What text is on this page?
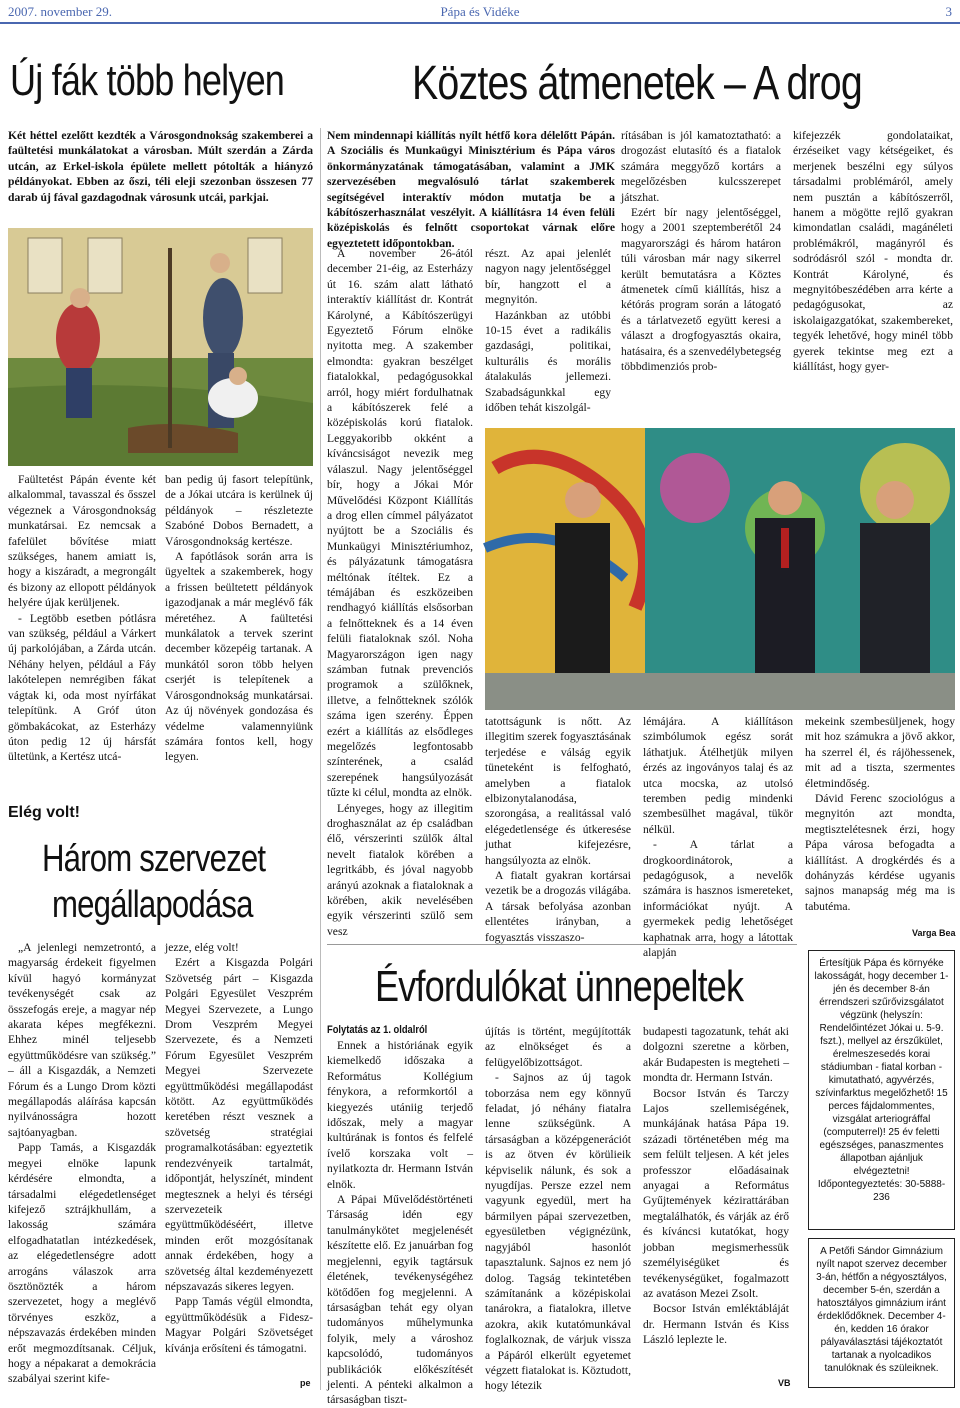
2007. november 29.	Pápa és Vidéke	3
Új fák több helyen
Két héttel ezelőtt kezdték a Városgondnokság szakemberei a faültetési munkálatokat a városban. Múlt szerdán a Zárda utcán, az Erkel-iskola épülete mellett pótolták a hiányzó példányokat. Ebben az őszi, téli eleji szezonban összesen 77 darab új fával gazdagodnak városunk utcái, parkjai.

Faültetést Pápán évente két alkalommal, tavasszal és ősszel végeznek a Városgondnokság munkatársai. Ez nemcsak a fafelület bővítése miatt szükséges, hanem amiatt is, hogy a kiszáradt, a megrongált és bizony az ellopott példányok helyére újak kerüljenek.

- Legtöbb esetben pótlásra van szükség, például a Várkert új parkolójában, a Zárda utcán. Néhány helyen, például a Fáy lakótelepen nemrégiben fákat vágtak ki, oda most nyírfákat telepítünk. A Gróf úton gömbakácokat, az Esterházy úton pedig 12 új hársfát ültetünk, a Kertész utcá-

ban pedig új fasort telepítünk, de a Jókai utcára is kerülnek új példányok – részletezte Szabóné Dobos Bernadett, a Városgondnokság kertésze.

A fapótlások során arra is ügyeltek a szakemberek, hogy a frissen beültetett példányok igazodjanak a már meglévő fák méretéhez. A faültetési munkálatok a tervek szerint december közepéig tartanak. A munkától soron több helyen cserjét is telepítenek a Városgondnokság munkatársai. Az új növények gondozása és védelme valamennyiünk számára fontos kell, hogy legyen.

Elég volt!
Három szervezet
megállapodása

„A jelenlegi nemzetrontó, a magyarság érdekeit figyelmen kívül hagyó kormányzat tevékenységét csak az összefogás ereje, a magyar nép akarata képes megfékezni. Ehhez minél teljesebb együttműködésre van szükség.” – áll a Kisgazdák, a Nemzeti Fórum és a Lungo Drom közti megállapodás aláírása kapcsán nyilvánosságra hozott sajtóanyagban.

Papp Tamás, a Kisgazdák megyei elnöke lapunk kérdésére elmondta, a társadalmi elégedetlenséget kifejező sztrájkhullám, a lakosság számára elfogadhatatlan intézkedések, az elégedetlenségre adott arrogáns válaszok arra ösztönözték a három szervezetet, hogy a meglévő törvényes eszköz, a népszavazás érdekében minden erőt megmozdítsanak. Céljuk, hogy a népakarat a demokrácia szabályai szerint kife-

jezze, elég volt!

Ezért a Kisgazda Polgári Szövetség párt – Kisgazda Polgári Egyesület Veszprém Megyei Szervezete, a Lungo Drom Veszprém Megyei Szervezete, és a Nemzeti Fórum Egyesület Veszprém Megyei Szervezete együttműködési megállapodást kötött. Az együttműködés keretében részt vesznek a szövetség stratégiai programalkotásában: egyeztetik rendezvényeik tartalmát, időpontját, helyszínét, mindent megtesznek a helyi és térségi szervezeteik együttműködéséért, illetve minden erőt mozgósítanak annak érdekében, hogy a szövetség által kezdeményezett népszavazás sikeres legyen.

Papp Tamás végül elmondta, együttműködésük a Fidesz- Magyar Polgári Szövetséget kívánja erősíteni és támogatni.

pe
Köztes átmenetek – A drog
Nem mindennapi kiállítás nyílt hétfő kora délelőtt Pápán. A Szociális és Munkaügyi Minisztérium és Pápa város önkormányzatának támogatásában, valamint a JMK szervezésében megvalósuló tárlat szakemberek segítségével interaktív módon mutatja be a kábítószerhasználat veszélyit. A kiállításra 14 éven felüli középiskolás és felnőtt csoportokat várnak előre egyeztetett időpontokban.

A november 26-ától december 21-éig, az Esterházy út 16. szám alatt látható interaktív kiállítást dr. Kontrát Károlyné, a Kábítószerügyi Egyeztető Fórum elnöke nyitotta meg. A szakember elmondta: gyakran beszélget fiatalokkal, pedagógusokkal arról, hogy miért fordulhatnak a kábítószerek felé a középiskolás korú fiatalok. Leggyakoribb okként a kíváncsiságot nevezik meg válaszul. Nagy jelentőséggel bír, hogy a Jókai Mór Művelődési Központ Kiállítás a drog ellen címmel pályázatot nyújtott be a Szociális és Munkaügyi Minisztériumhoz, és pályázatunk támogatásra méltónak ítéltek. Ez a témájában és eszközeiben rendhagyó kiállítás elsősorban a felnőtteknek és a 14 éven felüli fiataloknak szól. Noha Magyarországon igen nagy számban futnak prevenciós programok a szülőknek, illetve, a felnőtteknek szólók száma igen szerény. Éppen ezért a kiállítás az elsődleges megelőzés legfontosabb színterének, a család szerepének hangsúlyozását tűzte ki célul, mondta az elnök.

Lényeges, hogy az illegitim droghasználat az ép családban élő, vérszerinti szülők által nevelt fiatalok körében a legritkább, és jóval nagyobb arányú azoknak a fiataloknak a körében, akik nevelésében egyik vérszerinti szülő sem vesz

részt. Az apai jelenlét nagyon nagy jelentőséggel bír, hangzott el a megnyitón.

Hazánkban az utóbbi 10-15 évet a radikális gazdasági, politikai, kulturális és morális átalakulás jellemezi. Szabadságunkkal egy időben tehát kiszolgál-

rításában is jól kamatoztatható: a drogozást elutasító és a fiatalok számára meggyőző kortárs a megelőzésben kulcsszerepet játszhat.

Ezért bír nagy jelentőséggel, hogy a 2001 szeptemberétől 24 magyarországi és három határon túli városban már nagy sikerrel került bemutatásra a Köztes átmenetek című kiállítás, hisz a kétórás program során a látogató és a tárlatvezető együtt keresi a választ a drogfogyasztás okaira, hatásaira, és a szenvedélybetegség többdimenziós prob-

kifejezzék gondolataikat, érzéseiket vagy kétségeiket, és merjenek beszélni egy súlyos társadalmi problémáról, amely nem pusztán a kábítószerről, hanem a mögötte rejlő gyakran kimondatlan családi, magánéleti problémákról, magányról és sodródásról szól - mondta dr. Kontrát Károlyné, és megnyitóbeszédében arra kérte a pedagógusokat, az iskolaigazgatókat, szakembereket, tegyék lehetővé, hogy minél több gyerek tekintse meg ezt a kiállítást, hogy gyer-

tatottságunk is nőtt. Az illegitim szerek fogyasztásának terjedése e válság egyik tüneteként is felfogható, amelyben a fiatalok elbizonytalanodása, szorongása, a realitással való elégedetlensége és útkeresése juthat kifejezésre, hangsúlyozta az elnök.

A fiatalt gyakran kortársai vezetik be a drogozás világába. A társak befolyása azonban ellentétes irányban, a fogyasztás visszaszo-

lémájára. A kiállításon szimbólumok egész sorát láthatjuk. Átélhetjük milyen érzés az ingoványos talaj és az utca mocska, az utolsó teremben pedig mindenki szembesülhet magával, tükör nélkül.

- A tárlat a drogkoordinátorok, a pedagógusok, a nevelők számára is hasznos ismereteket, információkat nyújt. A gyermekek pedig lehetőséget kaphatnak arra, hogy a látottak alapján

mekeink szembesüljenek, hogy mit hoz számukra a jövő akkor, ha szerrel él, és rájöhessenek, mit ad a tiszta, szermentes életmindőség.

Dávid Ferenc szociológus a megnyitón azt mondta, megtisztelétesnek érzi, hogy Pápa városa befogadta a kiállítást. A drogkérdés és a dohányzás kérdése ugyanis sajnos manapság még ma is tabutéma.

Varga Bea
Évfordulókat ünnepeltek
Folytatás az 1. oldalról

Ennek a históriának egyik kiemelkedő időszaka a Református Kollégium fénykora, a reformkortól a kiegyezés utániig terjedő időszak, mely a magyar kultúrának is fontos és felfelé ívelő korszaka volt – nyilatkozta dr. Hermann István elnök.

A Pápai Művelődéstörténeti Társaság idén egy tanulmánykötet megjelenését készítette elő. Ez januárban fog megjelenni, egyik tagtársuk életének, tevékenységéhez kötődően fog megjelenni. A társaságban tehát egy olyan tudományos műhelymunka folyik, mely a városhoz kapcsolódó, tudományos publikációk előkészítését jelenti. A pénteki alkalmon a társaságban tiszt-

újítás is történt, megújították az elnökséget és a felügyelőbizottságot.

- Sajnos az új tagok toborzása nem egy könnyű feladat, jó néhány fiatalra lenne szükségünk. A társaságban a középgenerációt is az ötven év körülieik képviselik nálunk, és sok a nyugdíjas. Persze ezzel nem vagyunk egyedül, mert ha bármilyen pápai szervezetben, egyesületben végignézünk, nagyjából hasonlót tapasztalunk. Sajnos ez nem jó dolog. Tagság tekintetében számítanánk a középiskolai tanárokra, a fiatalokra, illetve azokra, akik kutatómunkával foglalkoznak, de várjuk vissza a Pápáról elkerült egyetemet végzett fiatalokat is. Köztudott, hogy létezik

budapesti tagozatunk, tehát aki dolgozni szeretne a körben, akár Budapesten is megteheti – mondta dr. Hermann István.

Bocsor István és Tarczy Lajos szellemiségének, munkájának hatása Pápa 19. századi történetében még ma sem felült teljesen. A két jeles professzor előadásainak anyagai a Református Gyűjtemények kézirattárában megtalálhatók, és várják az érő és kíváncsi kutatókat, hogy jobban megismerhessük személyiségüket és tevékenységüket, fogalmazott az avatáson Mezei Zsolt.

Bocsor István emléktábláját dr. Hermann István és Kiss László leplezte le.

VB
Értesítjük Pápa és környéke lakosságát, hogy december 1-jén és december 8-án érrendszeri szűrővizsgálatot végzünk (helyszín: Rendelőintézet Jókai u. 5-9. fszt.), mellyel az érszűkület, érelmeszesedés korai stádiumban - fiatal korban - kimutatható, agyvérzés, szívinfarktus megelőzhető! 15 perces fájdalommentes, vizsgálat arteriográffal (computerrel)! 25 év feletti egészséges, panaszmentes állapotban ajánljuk elvégeztetni! Időpontegyeztetés: 30-5888-236
A Petőfi Sándor Gimnázium nyílt napot szervez december 3-án, hétfőn a négyosztályos, december 5-én, szerdán a hatosztályos gimnázium iránt érdeklődőknek. December 4-én, kedden 16 órakor pályaválasztási tájékoztatót tartanak a nyolcadikos tanulóknak és szüleiknek.
